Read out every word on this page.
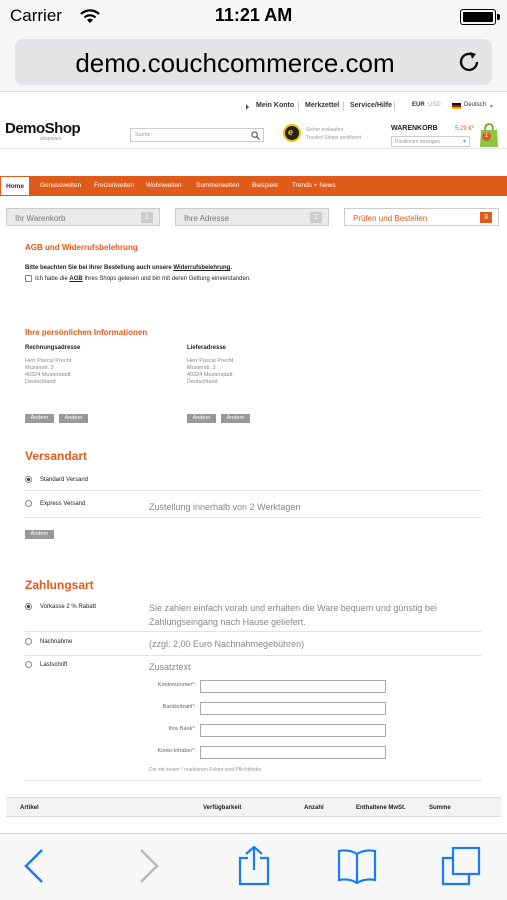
Carrier	11:21 AM
demo.couchcommerce.com
Mein Konto Merkzettel Service/Hilfe	EUR USD	Deutsch ▾
DemoShop
shopware
Suche:	e	Sicher einkaufen
Trusted Shops zertifiziert
WARENKORB	5,29 €*
Positionen anzeigen	▾
1
Home	Genusswelten Freizeitwelten Wohnwelten Sommerwelten Beispiele Trends + News
Ihr Warenkorb	1	Ihre Adresse	2	Prüfen und Bestellen	3
AGB und Widerrufsbelehrung
Bitte beachten Sie bei Ihrer Bestellung auch unsere Widerrufsbelehrung.
Ich habe die AGB Ihres Shops gelesen und bin mit deren Geltung einverstanden.
Ihre persönlichen Informationen
Rechnungsadresse
Herr Pascal Precht
Musterstr. 3
40324 Musterstadt
Deutschland
Lieferadresse
Herr Pascal Precht
Musterstr. 3
40324 Musterstadt
Deutschland
Ändern	Ändern	Ändern	Ändern
Versandart
Standard Versand
Express Versand	Zustellung innerhalb von 2 Werktagen
Ändern
Zahlungsart
Vorkasse 2 % Rabatt	Sie zahlen einfach vorab und erhalten die Ware bequem und günstig bei
Zahlungseingang nach Hause geliefert.
Nachnahme	(zzgl. 2,00 Euro Nachnahmegebühren)
Lastschrift	Zusatztext
Kontonummer*:
Bankleitzahl*:
Ihre Bank*:
Konto-Inhaber*:
Die mit einem * markierten Felder sind Pflichtfelder.
Artikel	Verfügbarkeit	Anzahl	Enthaltene MwSt.	Summe
